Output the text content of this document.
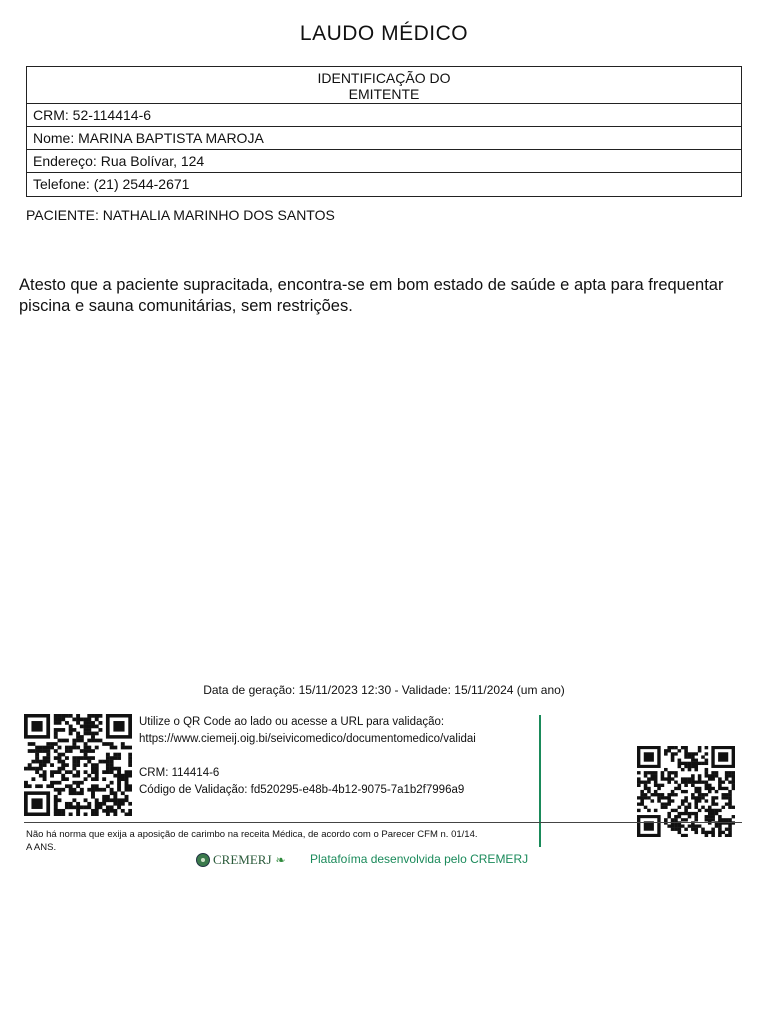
LAUDO MÉDICO
IDENTIFICAÇÃO DO
EMITENTE
CRM: 52-114414-6
Nome: MARINA BAPTISTA MAROJA
Endereço: Rua Bolívar, 124
Telefone: (21) 2544-2671
PACIENTE: NATHALIA MARINHO DOS SANTOS
Atesto que a paciente supracitada, encontra-se em bom estado de saúde e apta para frequentar piscina e sauna comunitárias, sem restrições.
Data de geração: 15/11/2023 12:30 - Validade: 15/11/2024 (um ano)
Utilize o QR Code ao lado ou acesse a URL para validação:
https://www.ciemeij.oig.bi/seivicomedico/documentomedico/validai
CRM: 114414-6
Código de Validação: fd520295-e48b-4b12-9075-7a1b2f7996a9
Não há norma que exija a aposição de carimbo na receita Médica, de acordo com o Parecer CFM n. 01/14.
A ANS.
CREMERJ ❧ Platafoíma desenvolvida pelo CREMERJ
